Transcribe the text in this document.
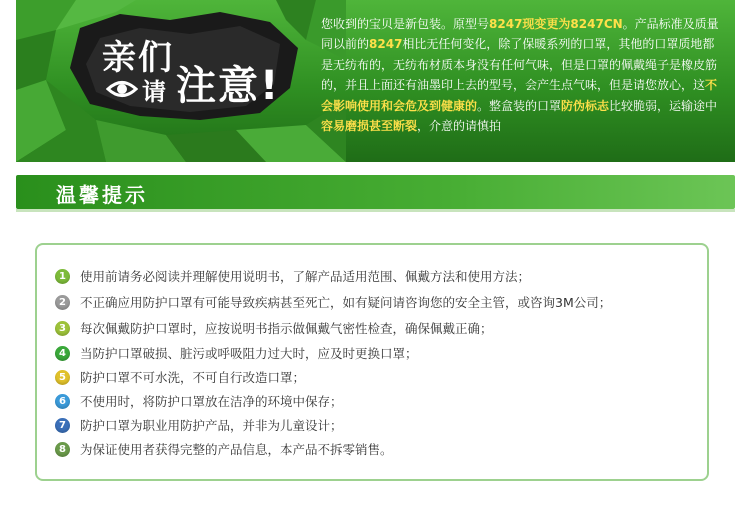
亲们
请 注意!
您收到的宝贝是新包装。原型号8247现变更为8247CN。产品标准及质量同以前的8247相比无任何变化，除了保暖系列的口罩，其他的口罩质地都是无纺布的，无纺布材质本身没有任何气味，但是口罩的佩戴绳子是橡皮筋的，并且上面还有油墨印上去的型号，会产生点气味，但是请您放心，这不会影响使用和会危及到健康的。整盒装的口罩防伪标志比较脆弱，运输途中容易磨损甚至断裂，介意的请慎拍
温馨提示
1	使用前请务必阅读并理解使用说明书，了解产品适用范围、佩戴方法和使用方法；
2	不正确应用防护口罩有可能导致疾病甚至死亡，如有疑问请咨询您的安全主管，或咨询3M公司；
3	每次佩戴防护口罩时，应按说明书指示做佩戴气密性检查，确保佩戴正确；
4	当防护口罩破损、脏污或呼吸阻力过大时，应及时更换口罩；
5	防护口罩不可水洗，不可自行改造口罩；
6	不使用时，将防护口罩放在洁净的环境中保存；
7	防护口罩为职业用防护产品，并非为儿童设计；
8	为保证使用者获得完整的产品信息，本产品不拆零销售。
